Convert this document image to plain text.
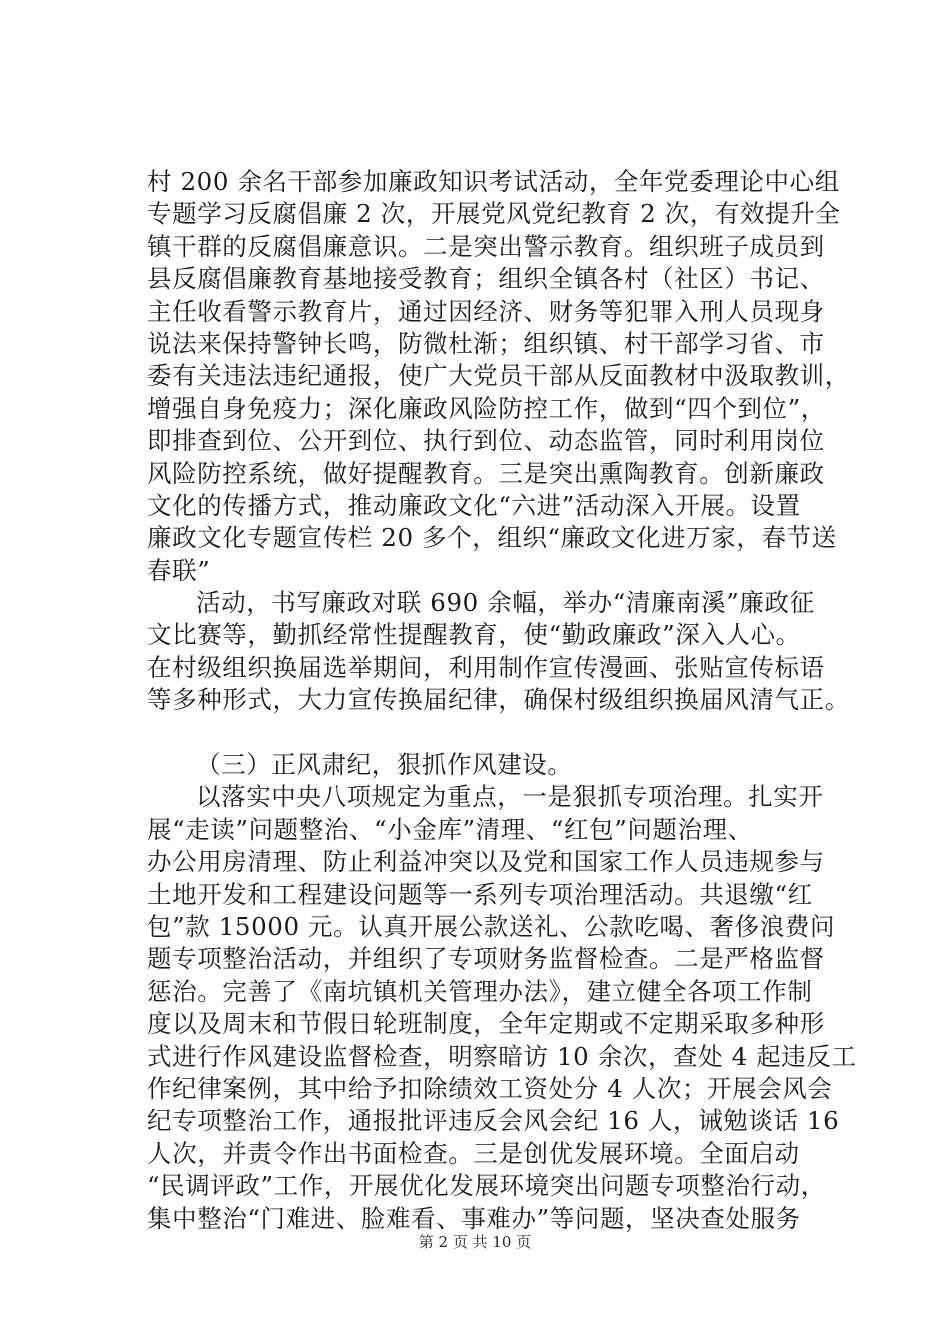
村 200 余名干部参加廉政知识考试活动，全年党委理论中心组
专题学习反腐倡廉 2 次，开展党风党纪教育 2 次，有效提升全
镇干群的反腐倡廉意识。二是突出警示教育。组织班子成员到
县反腐倡廉教育基地接受教育；组织全镇各村（社区）书记、
主任收看警示教育片，通过因经济、财务等犯罪入刑人员现身
说法来保持警钟长鸣，防微杜渐；组织镇、村干部学习省、市
委有关违法违纪通报，使广大党员干部从反面教材中汲取教训，
增强自身免疫力；深化廉政风险防控工作，做到“四个到位”，
即排查到位、公开到位、执行到位、动态监管，同时利用岗位
风险防控系统，做好提醒教育。三是突出熏陶教育。创新廉政
文化的传播方式，推动廉政文化“六进”活动深入开展。设置
廉政文化专题宣传栏 20 多个，组织“廉政文化进万家，春节送
春联”
活动，书写廉政对联 690 余幅，举办“清廉南溪”廉政征
文比赛等，勤抓经常性提醒教育，使“勤政廉政”深入人心。
在村级组织换届选举期间，利用制作宣传漫画、张贴宣传标语
等多种形式，大力宣传换届纪律，确保村级组织换届风清气正。
（三）正风肃纪，狠抓作风建设。
以落实中央八项规定为重点，一是狠抓专项治理。扎实开
展“走读”问题整治、“小金库”清理、“红包”问题治理、
办公用房清理、防止利益冲突以及党和国家工作人员违规参与
土地开发和工程建设问题等一系列专项治理活动。共退缴“红
包”款 15000 元。认真开展公款送礼、公款吃喝、奢侈浪费问
题专项整治活动，并组织了专项财务监督检查。二是严格监督
惩治。完善了《南坑镇机关管理办法》，建立健全各项工作制
度以及周末和节假日轮班制度，全年定期或不定期采取多种形
式进行作风建设监督检查，明察暗访 10 余次，查处 4 起违反工
作纪律案例，其中给予扣除绩效工资处分 4 人次；开展会风会
纪专项整治工作，通报批评违反会风会纪 16 人，诫勉谈话 16
人次，并责令作出书面检查。三是创优发展环境。全面启动
“民调评政”工作，开展优化发展环境突出问题专项整治行动，
集中整治“门难进、脸难看、事难办”等问题，坚决查处服务
第 2 页 共 10 页
